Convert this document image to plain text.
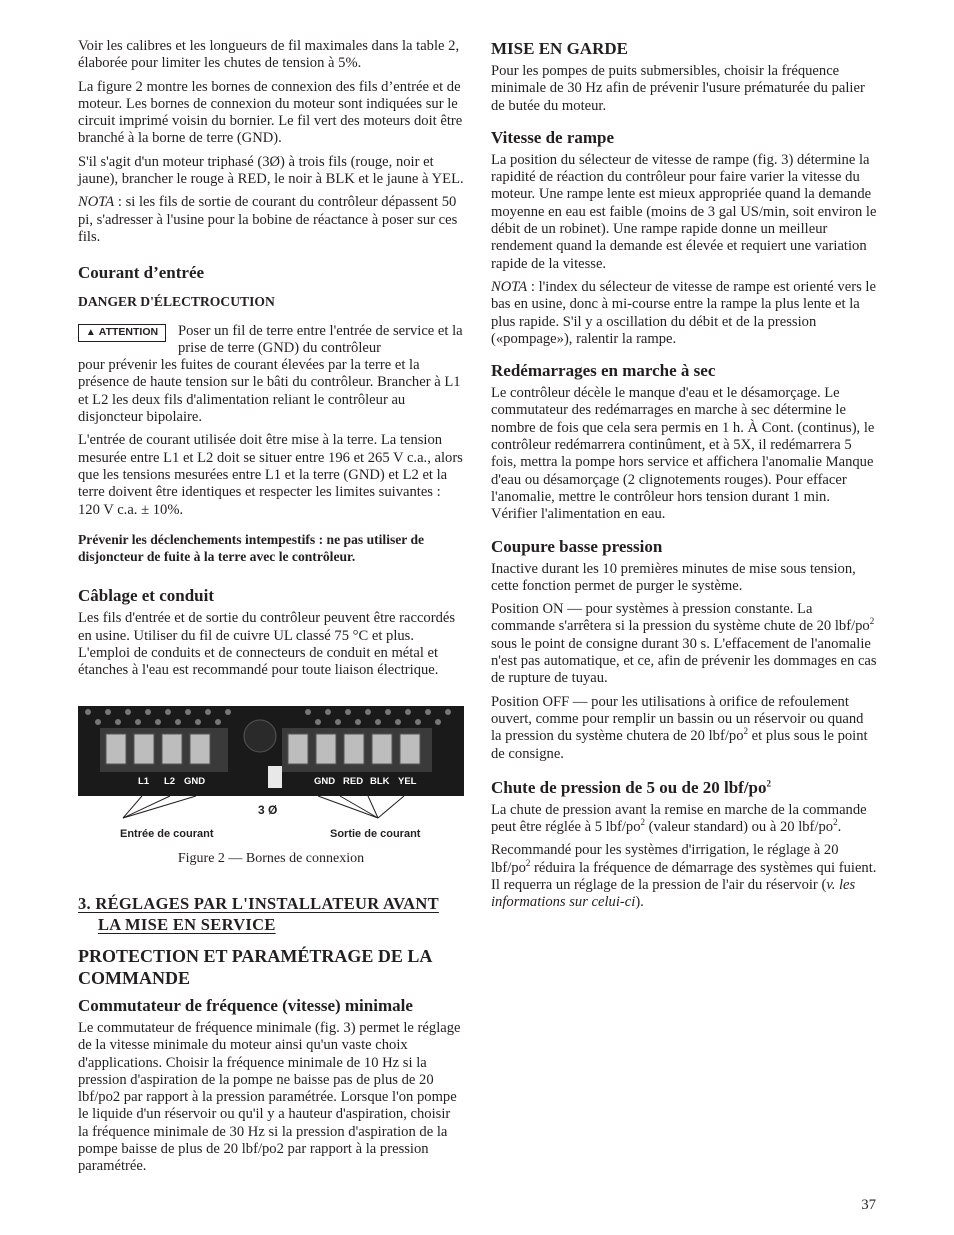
Voir les calibres et les longueurs de fil maximales dans la table 2, élaborée pour limiter les chutes de tension à 5%.

La figure 2 montre les bornes de connexion des fils d’entrée et de moteur. Les bornes de connexion du moteur sont indiquées sur le circuit imprimé voisin du bornier. Le fil vert des moteurs doit être branché à la borne de terre (GND).

S'il s'agit d'un moteur triphasé (3Ø) à trois fils (rouge, noir et jaune), brancher le rouge à RED, le noir à BLK et le jaune à YEL.

NOTA : si les fils de sortie de courant du contrôleur dépassent 50 pi, s'adresser à l'usine pour la bobine de réactance à poser sur ces fils.

Courant d’entrée

DANGER D'ÉLECTROCUTION

▲ ATTENTION	Poser un fil de terre entre l'entrée de service et la prise de terre (GND) du contrôleur
pour prévenir les fuites de courant élevées par la terre et la présence de haute tension sur le bâti du contrôleur. Brancher à L1 et L2 les deux fils d'alimentation reliant le contrôleur au disjoncteur bipolaire.

L'entrée de courant utilisée doit être mise à la terre. La tension mesurée entre L1 et L2 doit se situer entre 196 et 265 V c.a., alors que les tensions mesurées entre L1 et la terre (GND) et L2 et la terre doivent être identiques et respecter les limites suivantes : 120 V c.a. ± 10%.

Prévenir les déclenchements intempestifs : ne pas utiliser de disjoncteur de fuite à la terre avec le contrôleur.

Câblage et conduit

Les fils d'entrée et de sortie du contrôleur peuvent être raccordés en usine. Utiliser du fil de cuivre UL classé 75 °C et plus. L'emploi de conduits et de connecteurs de conduit en métal et étanches à l'eau est recommandé pour toute liaison électrique.

L1 L2 GND	GND RED BLK YEL
3 Ø
Entrée de courant	Sortie de courant

Figure 2 — Bornes de connexion

3. RÉGLAGES PAR L'INSTALLATEUR AVANT
LA MISE EN SERVICE
PROTECTION ET PARAMÉTRAGE DE LA COMMANDE
Commutateur de fréquence (vitesse) minimale

Le commutateur de fréquence minimale (fig. 3) permet le réglage de la vitesse minimale du moteur ainsi qu'un vaste choix d'applications. Choisir la fréquence minimale de 10 Hz si la pression d'aspiration de la pompe ne baisse pas de plus de 20 lbf/po2 par rapport à la pression paramétrée. Lorsque l'on pompe le liquide d'un réservoir ou qu'il y a hauteur d'aspiration, choisir la fréquence minimale de 30 Hz si la pression d'aspiration de la pompe baisse de plus de 20 lbf/po2 par rapport à la pression paramétrée.

MISE EN GARDE

Pour les pompes de puits submersibles, choisir la fréquence minimale de 30 Hz afin de prévenir l'usure prématurée du palier de butée du moteur.

Vitesse de rampe

La position du sélecteur de vitesse de rampe (fig. 3) détermine la rapidité de réaction du contrôleur pour faire varier la vitesse du moteur. Une rampe lente est mieux appropriée quand la demande moyenne en eau est faible (moins de 3 gal US/min, soit environ le débit de un robinet). Une rampe rapide donne un meilleur rendement quand la demande est élevée et requiert une variation rapide de la vitesse.

NOTA : l'index du sélecteur de vitesse de rampe est orienté vers le bas en usine, donc à mi-course entre la rampe la plus lente et la plus rapide. S'il y a oscillation du débit et de la pression («pompage»), ralentir la rampe.

Redémarrages en marche à sec

Le contrôleur décèle le manque d'eau et le désamorçage. Le commutateur des redémarrages en marche à sec détermine le nombre de fois que cela sera permis en 1 h. À Cont. (continus), le contrôleur redémarrera continûment, et à 5X, il redémarrera 5 fois, mettra la pompe hors service et affichera l'anomalie Manque d'eau ou désamorçage (2 clignotements rouges). Pour effacer l'anomalie, mettre le contrôleur hors tension durant 1 min. Vérifier l'alimentation en eau.

Coupure basse pression

Inactive durant les 10 premières minutes de mise sous tension, cette fonction permet de purger le système.

Position ON — pour systèmes à pression constante. La commande s'arrêtera si la pression du système chute de 20 lbf/$po^2$ sous le point de consigne durant 30 s. L'effacement de l'anomalie n'est pas automatique, et ce, afin de prévenir les dommages en cas de rupture de tuyau.

Position OFF — pour les utilisations à orifice de refoulement ouvert, comme pour remplir un bassin ou un réservoir ou quand la pression du système chutera de 20 lbf/$po^2$ et plus sous le point de consigne.

Chute de pression de 5 ou de 20 lbf/$po^2$

La chute de pression avant la remise en marche de la commande peut être réglée à 5 lbf/$po^2$ (valeur standard) ou à 20 lbf/$po^2$.

Recommandé pour les systèmes d'irrigation, le réglage à 20 lbf/$po^2$ réduira la fréquence de démarrage des systèmes qui fuient. Il requerra un réglage de la pression de l'air du réservoir (v. les informations sur celui-ci).

37
